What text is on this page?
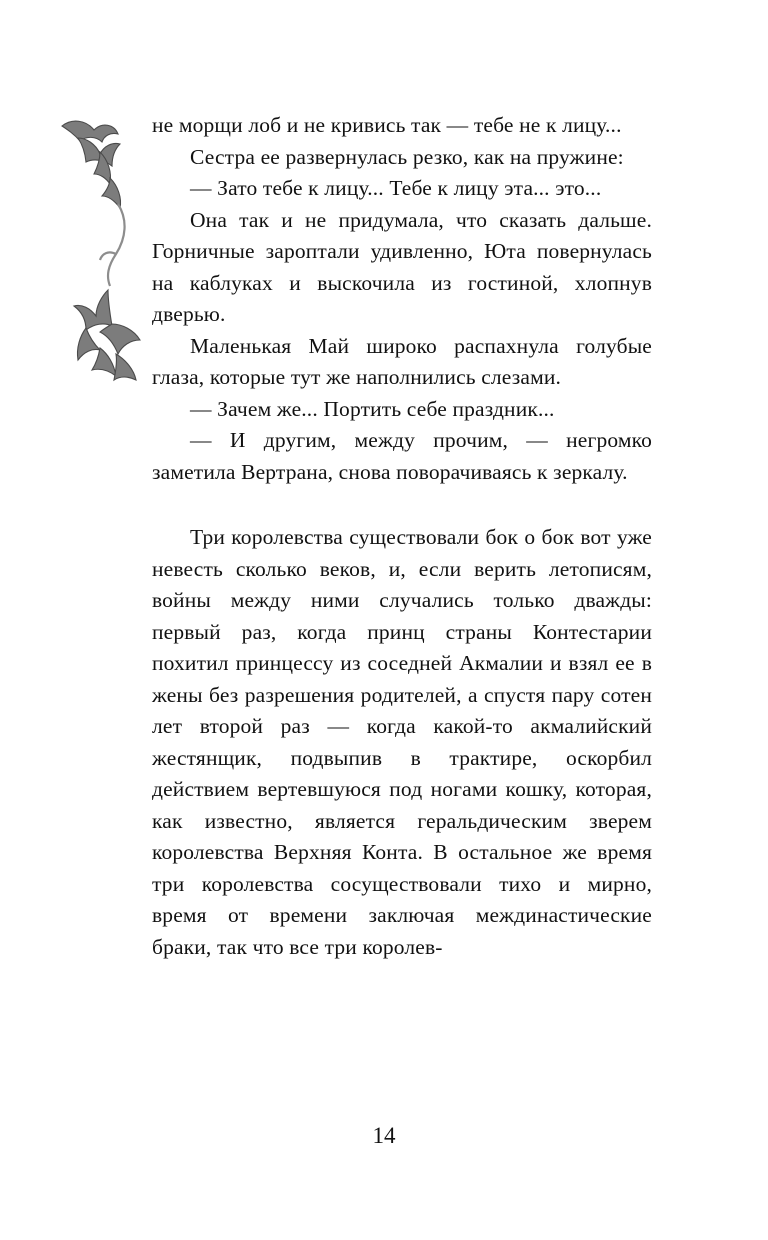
не морщи лоб и не кривись так — тебе не к лицу...

Сестра ее развернулась резко, как на пружине:

— Зато тебе к лицу... Тебе к лицу эта... это...

Она так и не придумала, что сказать дальше. Горничные зароптали удивленно, Юта повернулась на каблуках и выскочила из гостиной, хлопнув дверью.

Маленькая Май широко распахнула голубые глаза, которые тут же наполнились слезами.

— Зачем же... Портить себе праздник...

— И другим, между прочим, — негромко заметила Вертрана, снова поворачиваясь к зеркалу.

Три королевства существовали бок о бок вот уже невесть сколько веков, и, если верить летописям, войны между ними случались только дважды: первый раз, когда принц страны Контестарии похитил принцессу из соседней Акмалии и взял ее в жены без разрешения родителей, а спустя пару сотен лет второй раз — когда какой-то акмалийский жестянщик, подвыпив в трактире, оскорбил действием вертевшуюся под ногами кошку, которая, как известно, является геральдическим зверем королевства Верхняя Конта. В остальное же время три королевства сосуществовали тихо и мирно, время от времени заключая междинастические браки, так что все три королев-

14
